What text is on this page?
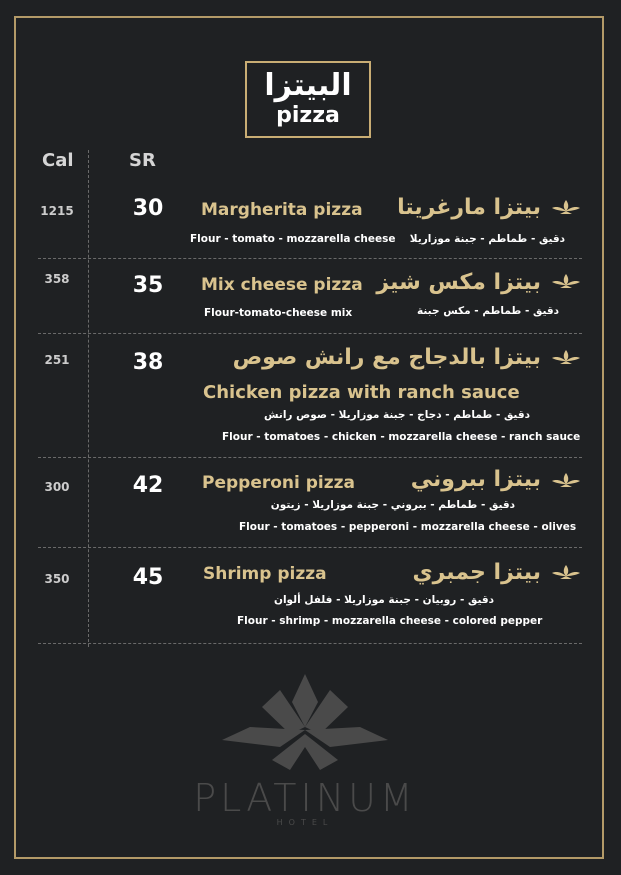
البيتزا
pizza
Cal	SR
1215	30 Margherita pizza بيتزا مارغريتا
Flour - tomato - mozzarella cheese دقيق - طماطم - جبنة موزاريلا
358	35 Mix cheese pizza بيتزا مكس شيز
Flour-tomato-cheese mix	دقيق - طماطم - مكس جبنة
251	38	بيتزا بالدجاج مع رانش صوص
Chicken pizza with ranch sauce
دقيق - طماطم - دجاج - جبنة موزاريلا - صوص رانش
Flour - tomatoes - chicken - mozzarella cheese - ranch sauce
300	42 Pepperoni pizza	بيتزا ببروني
دقيق - طماطم - ببروني - جبنة موزاريلا - زيتون
Flour - tomatoes - pepperoni - mozzarella cheese - olives
350	45 Shrimp pizza	بيتزا جمبري
دقيق - روبيان - جبنة موزاريلا - فلفل ألوان
Flour - shrimp - mozzarella cheese - colored pepper
PLATINUM
HOTEL
